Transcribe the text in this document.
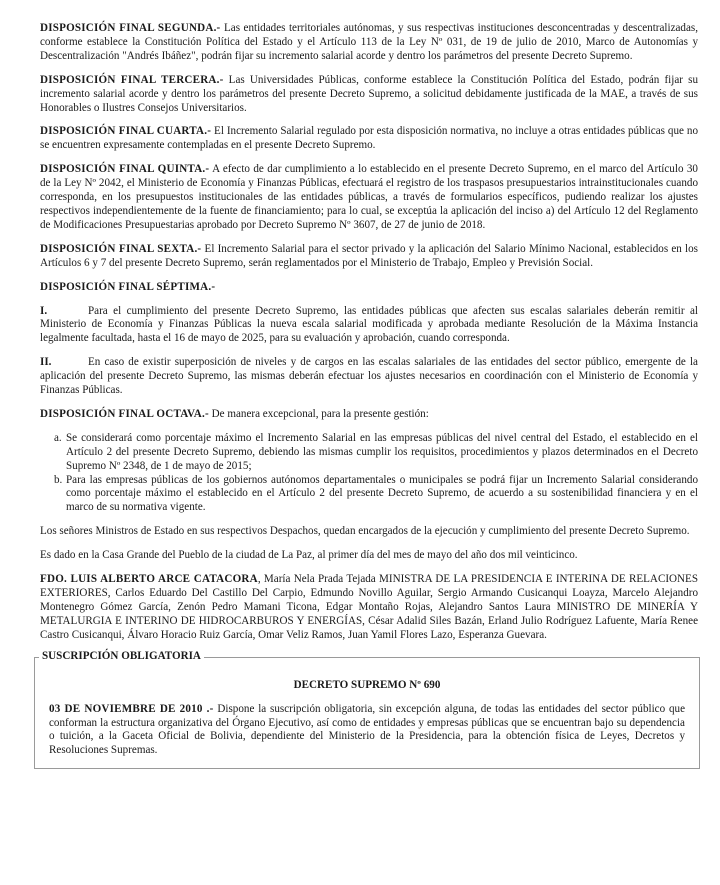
DISPOSICIÓN FINAL SEGUNDA.- Las entidades territoriales autónomas, y sus respectivas instituciones desconcentradas y descentralizadas, conforme establece la Constitución Política del Estado y el Artículo 113 de la Ley Nº 031, de 19 de julio de 2010, Marco de Autonomías y Descentralización "Andrés Ibáñez", podrán fijar su incremento salarial acorde y dentro los parámetros del presente Decreto Supremo.

DISPOSICIÓN FINAL TERCERA.- Las Universidades Públicas, conforme establece la Constitución Política del Estado, podrán fijar su incremento salarial acorde y dentro los parámetros del presente Decreto Supremo, a solicitud debidamente justificada de la MAE, a través de sus Honorables o Ilustres Consejos Universitarios.

DISPOSICIÓN FINAL CUARTA.- El Incremento Salarial regulado por esta disposición normativa, no incluye a otras entidades públicas que no se encuentren expresamente contempladas en el presente Decreto Supremo.

DISPOSICIÓN FINAL QUINTA.- A efecto de dar cumplimiento a lo establecido en el presente Decreto Supremo, en el marco del Artículo 30 de la Ley Nº 2042, el Ministerio de Economía y Finanzas Públicas, efectuará el registro de los traspasos presupuestarios intrainstitucionales cuando corresponda, en los presupuestos institucionales de las entidades públicas, a través de formularios específicos, pudiendo realizar los ajustes respectivos independientemente de la fuente de financiamiento; para lo cual, se exceptúa la aplicación del inciso a) del Artículo 12 del Reglamento de Modificaciones Presupuestarias aprobado por Decreto Supremo Nº 3607, de 27 de junio de 2018.

DISPOSICIÓN FINAL SEXTA.- El Incremento Salarial para el sector privado y la aplicación del Salario Mínimo Nacional, establecidos en los Artículos 6 y 7 del presente Decreto Supremo, serán reglamentados por el Ministerio de Trabajo, Empleo y Previsión Social.

DISPOSICIÓN FINAL SÉPTIMA.-

I.	Para el cumplimiento del presente Decreto Supremo, las entidades públicas que afecten sus escalas salariales deberán remitir al Ministerio de Economía y Finanzas Públicas la nueva escala salarial modificada y aprobada mediante Resolución de la Máxima Instancia legalmente facultada, hasta el 16 de mayo de 2025, para su evaluación y aprobación, cuando corresponda.

II.	En caso de existir superposición de niveles y de cargos en las escalas salariales de las entidades del sector público, emergente de la aplicación del presente Decreto Supremo, las mismas deberán efectuar los ajustes necesarios en coordinación con el Ministerio de Economía y Finanzas Públicas.

DISPOSICIÓN FINAL OCTAVA.- De manera excepcional, para la presente gestión:

a. Se considerará como porcentaje máximo el Incremento Salarial en las empresas públicas del nivel central del Estado, el establecido en el Artículo 2 del presente Decreto Supremo, debiendo las mismas cumplir los requisitos, procedimientos y plazos determinados en el Decreto Supremo Nº 2348, de 1 de mayo de 2015;

b. Para las empresas públicas de los gobiernos autónomos departamentales o municipales se podrá fijar un Incremento Salarial considerando como porcentaje máximo el establecido en el Artículo 2 del presente Decreto Supremo, de acuerdo a su sostenibilidad financiera y en el marco de su normativa vigente.

Los señores Ministros de Estado en sus respectivos Despachos, quedan encargados de la ejecución y cumplimiento del presente Decreto Supremo.

Es dado en la Casa Grande del Pueblo de la ciudad de La Paz, al primer día del mes de mayo del año dos mil veinticinco.

FDO. LUIS ALBERTO ARCE CATACORA, María Nela Prada Tejada MINISTRA DE LA PRESIDENCIA E INTERINA DE RELACIONES EXTERIORES, Carlos Eduardo Del Castillo Del Carpio, Edmundo Novillo Aguilar, Sergio Armando Cusicanqui Loayza, Marcelo Alejandro Montenegro Gómez García, Zenón Pedro Mamani Ticona, Edgar Montaño Rojas, Alejandro Santos Laura MINISTRO DE MINERÍA Y METALURGIA E INTERINO DE HIDROCARBUROS Y ENERGÍAS, César Adalid Siles Bazán, Erland Julio Rodríguez Lafuente, María Renee Castro Cusicanqui, Álvaro Horacio Ruiz García, Omar Veliz Ramos, Juan Yamil Flores Lazo, Esperanza Guevara.

SUSCRIPCIÓN OBLIGATORIA
DECRETO SUPREMO Nº 690

03 DE NOVIEMBRE DE 2010 .- Dispone la suscripción obligatoria, sin excepción alguna, de todas las entidades del sector público que conforman la estructura organizativa del Órgano Ejecutivo, así como de entidades y empresas públicas que se encuentran bajo su dependencia o tuición, a la Gaceta Oficial de Bolivia, dependiente del Ministerio de la Presidencia, para la obtención física de Leyes, Decretos y Resoluciones Supremas.
